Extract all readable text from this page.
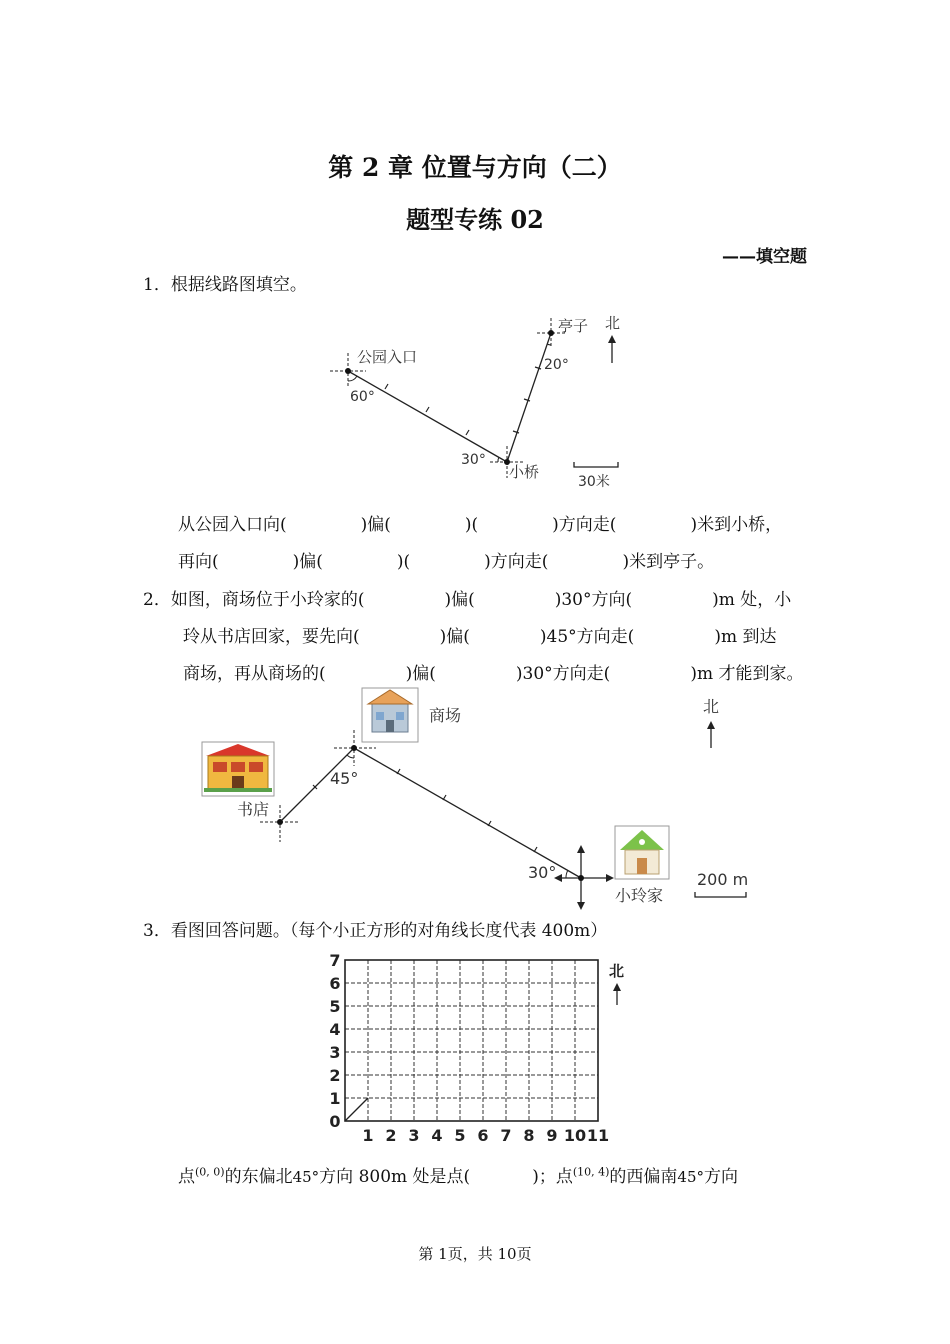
第 2 章 位置与方向（二）
题型专练 02
——填空题
1．根据线路图填空。
公园入口
亭子
小桥
60°
30°
20°
北
30米
从公园入口向(	)偏(	)(	)方向走(	)米到小桥，
再向(	)偏(	)(	)方向走(	)米到亭子。
2．如图，商场位于小玲家的(	)偏(	)30°方向(	)m 处，小
玲从书店回家，要先向(	)偏(	)45°方向走(	)m 到达
商场，再从商场的(	)偏(	)30°方向走(	)m 才能到家。
商场
书店
小玲家
45°
30°
北
200 m
3．看图回答问题。（每个小正方形的对角线长度代表 400m）
1 2 3 4 5 6 7 8 9 10 11
0
1
2
3
4
5
6
7
北
点$^{(0, 0)}$的东偏北45°方向 800m 处是点(	)；点$^{(10, 4)}$的西偏南45°方向
第 1页，共 10页
